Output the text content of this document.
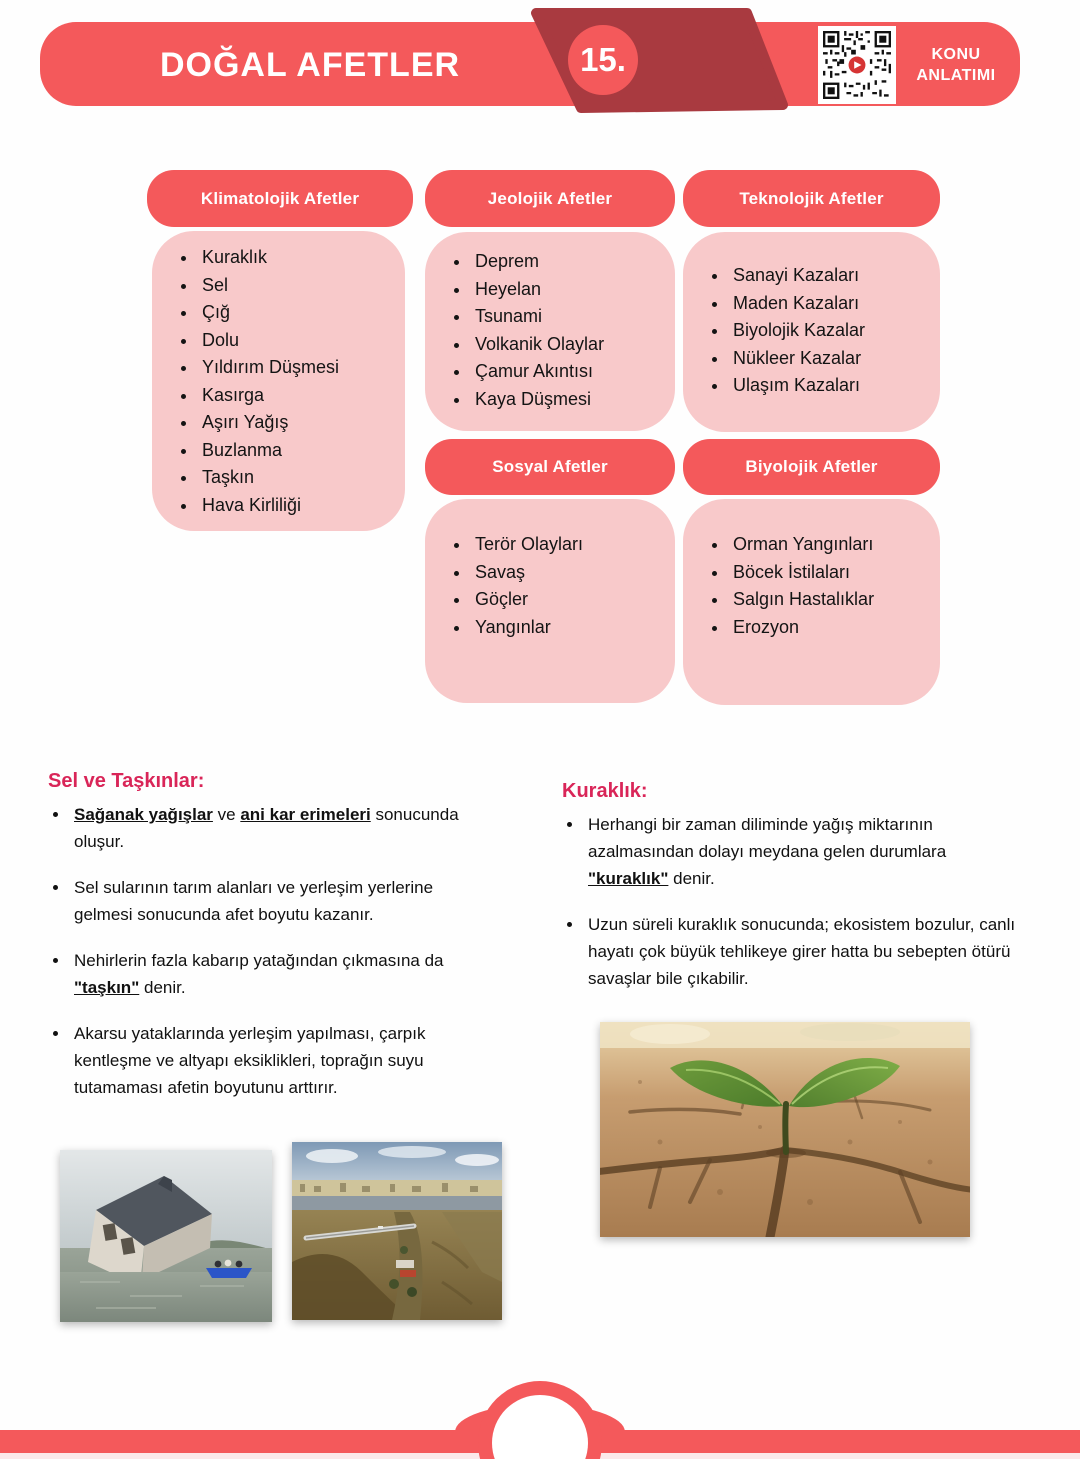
DOĞAL AFETLER	15.	KONU
ANLATIMI
Klimatolojik Afetler	Jeolojik Afetler	Teknolojik Afetler
Sosyal Afetler	Biyolojik Afetler
• Kuraklık
• Sel
• Çığ
• Dolu
• Yıldırım Düşmesi
• Kasırga
• Aşırı Yağış
• Buzlanma
• Taşkın
• Hava Kirliliği
• Deprem
• Heyelan
• Tsunami
• Volkanik Olaylar
• Çamur Akıntısı
• Kaya Düşmesi
• Sanayi Kazaları
• Maden Kazaları
• Biyolojik Kazalar
• Nükleer Kazalar
• Ulaşım Kazaları
• Terör Olayları
• Savaş
• Göçler
• Yangınlar
• Orman Yangınları
• Böcek İstilaları
• Salgın Hastalıklar
• Erozyon
Sel ve Taşkınlar:
• Sağanak yağışlar ve ani kar erimeleri sonucunda oluşur.
• Sel sularının tarım alanları ve yerleşim yerlerine gelmesi sonucunda afet boyutu kazanır.
• Nehirlerin fazla kabarıp yatağından çıkmasına da "taşkın" denir.
• Akarsu yataklarında yerleşim yapılması, çarpık kentleşme ve altyapı eksiklikleri, toprağın suyu tutamaması afetin boyutunu arttırır.
Kuraklık:
• Herhangi bir zaman diliminde yağış miktarının azalmasından dolayı meydana gelen durumlara "kuraklık" denir.
• Uzun süreli kuraklık sonucunda; ekosistem bozulur, canlı hayatı çok büyük tehlikeye girer hatta bu sebepten ötürü savaşlar bile çıkabilir.
